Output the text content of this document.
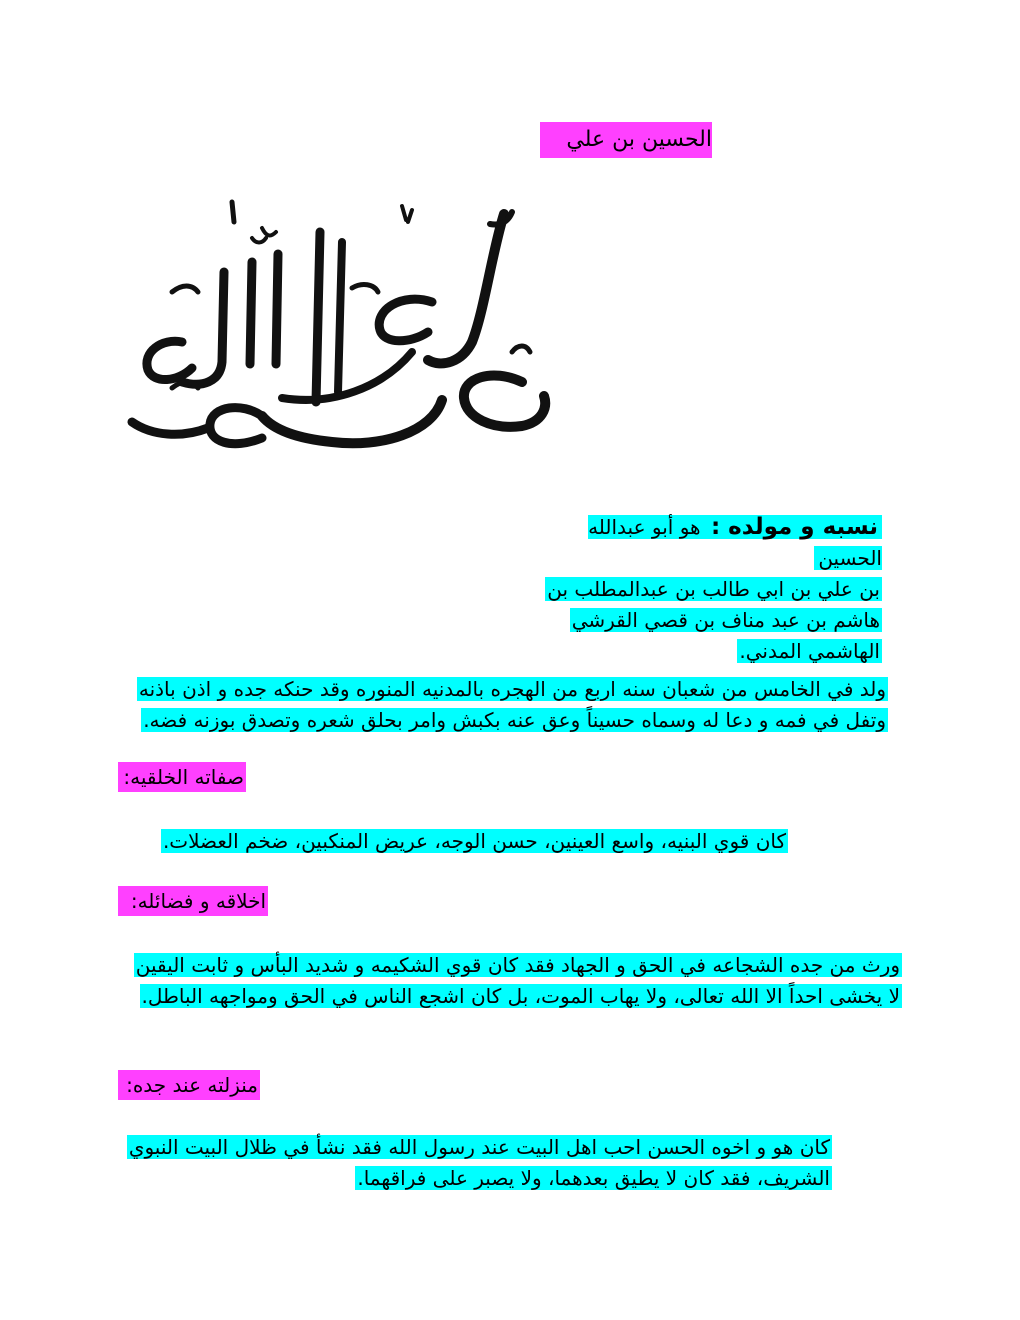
الحسين بن علي
نسبه و مولده : هو أبو عبدالله الحسين
بن علي بن ابي طالب بن عبدالمطلب بن
هاشم بن عبد مناف بن قصي القرشي
الهاشمي المدني.
ولد في الخامس من شعبان سنه اربع من الهجره بالمدنيه المنوره وقد حنكه جده و اذن باذنه
وتفل في فمه و دعا له وسماه حسيناً وعق عنه بكبش وامر بحلق شعره وتصدق بوزنه فضه.
صفاته الخلقيه:
كان قوي البنيه، واسع العينين، حسن الوجه، عريض المنكبين، ضخم العضلات.
اخلاقه و فضائله:
ورث من جده الشجاعه في الحق و الجهاد فقد كان قوي الشكيمه و شديد البأس و ثابت اليقين
لا يخشى احداً الا الله تعالى، ولا يهاب الموت، بل كان اشجع الناس في الحق ومواجهه الباطل.
منزلته عند جده:
كان هو و اخوه الحسن احب اهل البيت عند رسول الله فقد نشأ في ظلال البيت النبوي
الشريف، فقد كان لا يطيق بعدهما، ولا يصبر على فراقهما.
